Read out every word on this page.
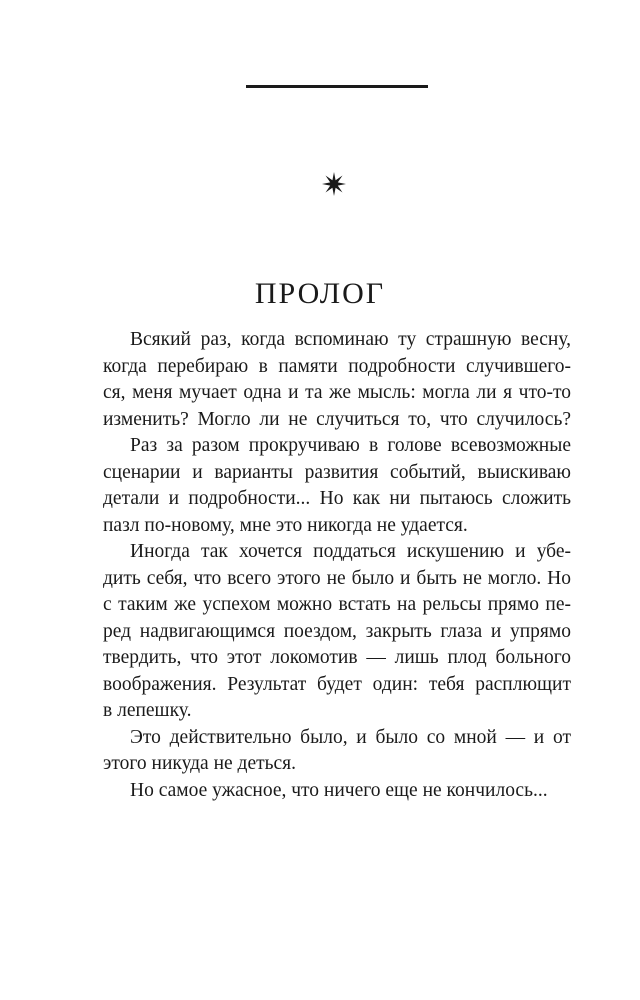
ПРОЛОГ
Всякий раз, когда вспоминаю ту страшную весну,
когда перебираю в памяти подробности случившего-
ся, меня мучает одна и та же мысль: могла ли я что-то
изменить? Могло ли не случиться то, что случилось?
Раз за разом прокручиваю в голове всевозможные
сценарии и варианты развития событий, выискиваю
детали и подробности... Но как ни пытаюсь сложить
пазл по-новому, мне это никогда не удается.
Иногда так хочется поддаться искушению и убе-
дить себя, что всего этого не было и быть не могло. Но
с таким же успехом можно встать на рельсы прямо пе-
ред надвигающимся поездом, закрыть глаза и упрямо
твердить, что этот локомотив — лишь плод больного
воображения. Результат будет один: тебя расплющит
в лепешку.
Это действительно было, и было со мной — и от
этого никуда не деться.
Но самое ужасное, что ничего еще не кончилось...
